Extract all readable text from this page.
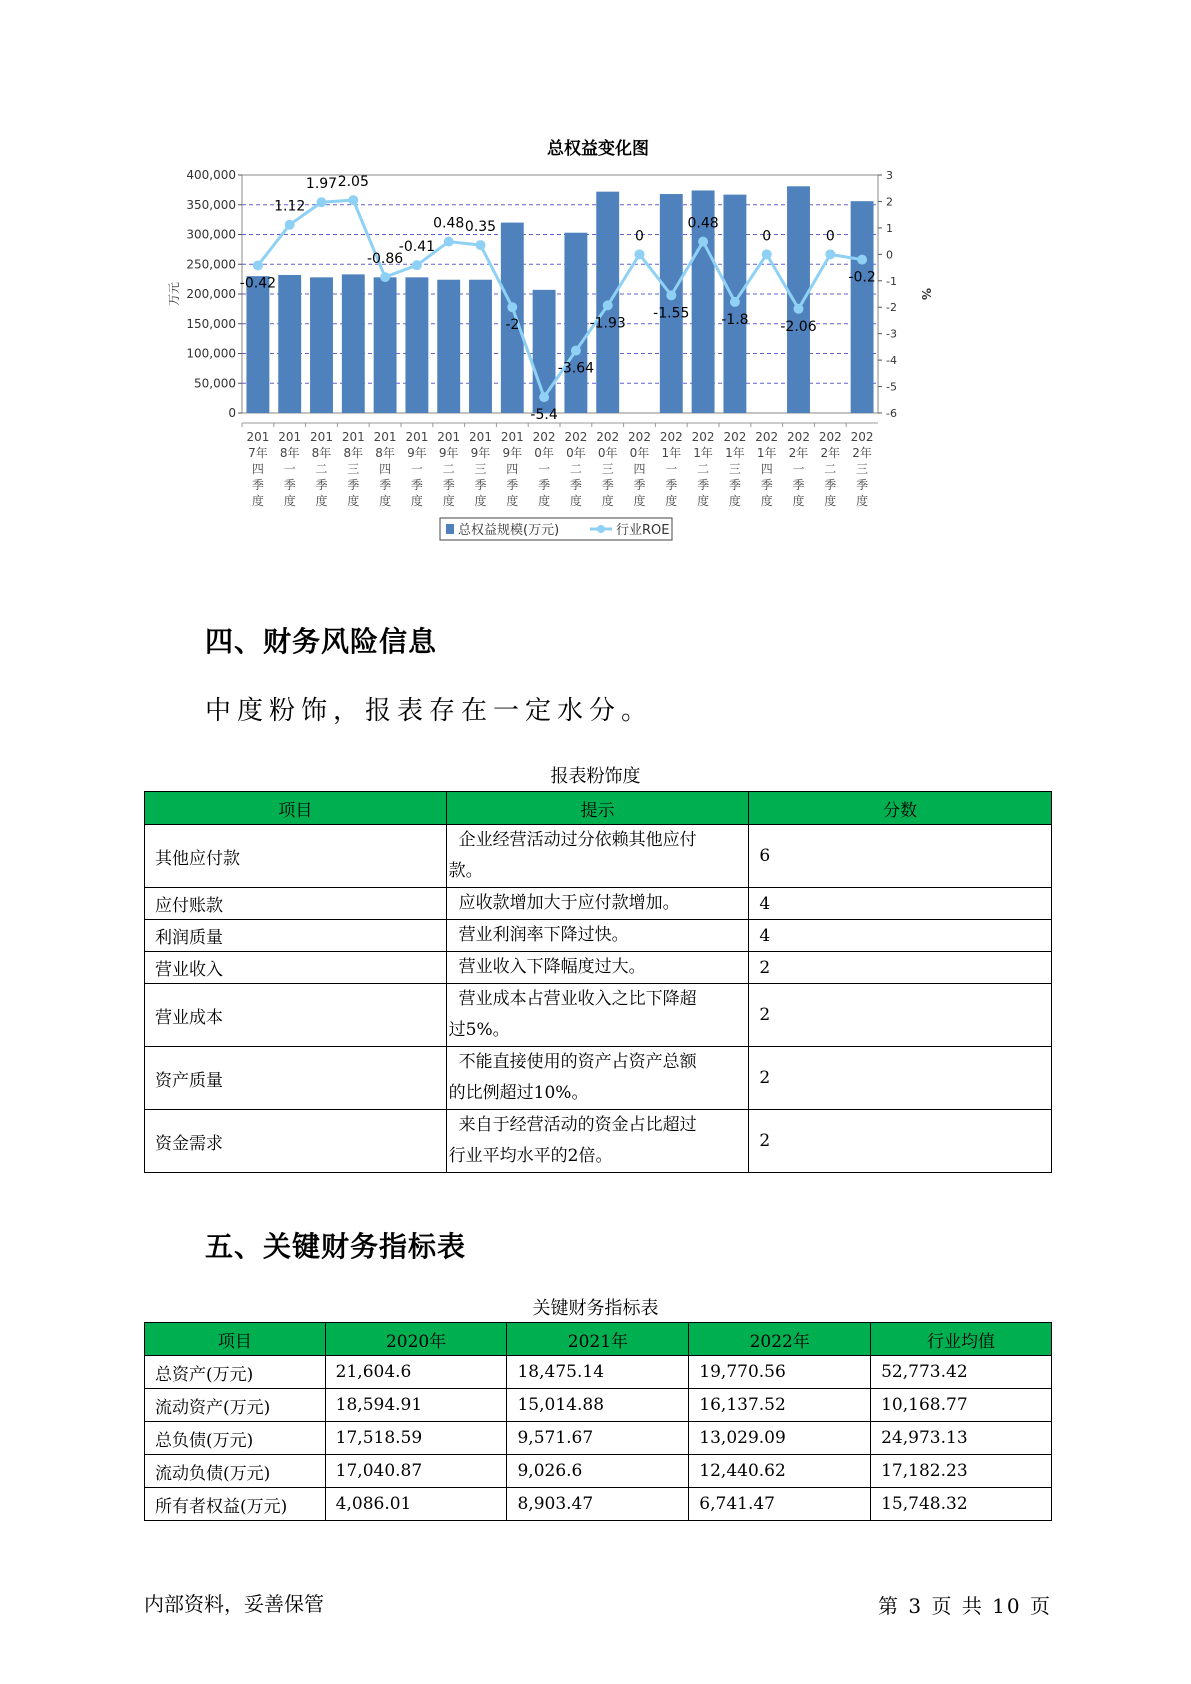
总权益变化图
-0.42
1.12
1.97 2.05
-0.86
-0.41
0.48 0.35
-2
-5.4
-3.64
-1.93
0
-1.55
0.48
-1.8
0
-2.06
0
-0.2
0
50,000
100,000
150,000
200,000
250,000
300,000
350,000
400,000
-6
-5
-4
-3
-2
-1
0
1
2
3
万元	%
201
7年
四
季
度
201
8年
一
季
度
201
8年
二
季
度
201
8年
三
季
度
201
8年
四
季
度
201
9年
一
季
度
201
9年
二
季
度
201
9年
三
季
度
201
9年
四
季
度
202
0年
一
季
度
202
0年
二
季
度
202
0年
三
季
度
202
0年
四
季
度
202
1年
一
季
度
202
1年
二
季
度
202
1年
三
季
度
202
1年
四
季
度
202
2年
一
季
度
202
2年
二
季
度
202
2年
三
季
度
总权益规模(万元)	行业ROE
四、财务风险信息
中度粉饰，报表存在一定水分。
报表粉饰度
项目	提示	分数
其他应付款	企业经营活动过分依赖其他应付
款。	6
应付账款	应收款增加大于应付款增加。	4
利润质量	营业利润率下降过快。	4
营业收入	营业收入下降幅度过大。	2
营业成本	营业成本占营业收入之比下降超
过5%。	2
资产质量	不能直接使用的资产占资产总额
的比例超过10%。	2
资金需求	来自于经营活动的资金占比超过
行业平均水平的2倍。	2
五、关键财务指标表
关键财务指标表
项目	2020年	2021年	2022年	行业均值
总资产(万元)	21,604.6	18,475.14	19,770.56	52,773.42
流动资产(万元)	18,594.91	15,014.88	16,137.52	10,168.77
总负债(万元)	17,518.59	9,571.67	13,029.09	24,973.13
流动负债(万元)	17,040.87	9,026.6	12,440.62	17,182.23
所有者权益(万元)	4,086.01	8,903.47	6,741.47	15,748.32
内部资料，妥善保管	第 3 页 共 10 页
